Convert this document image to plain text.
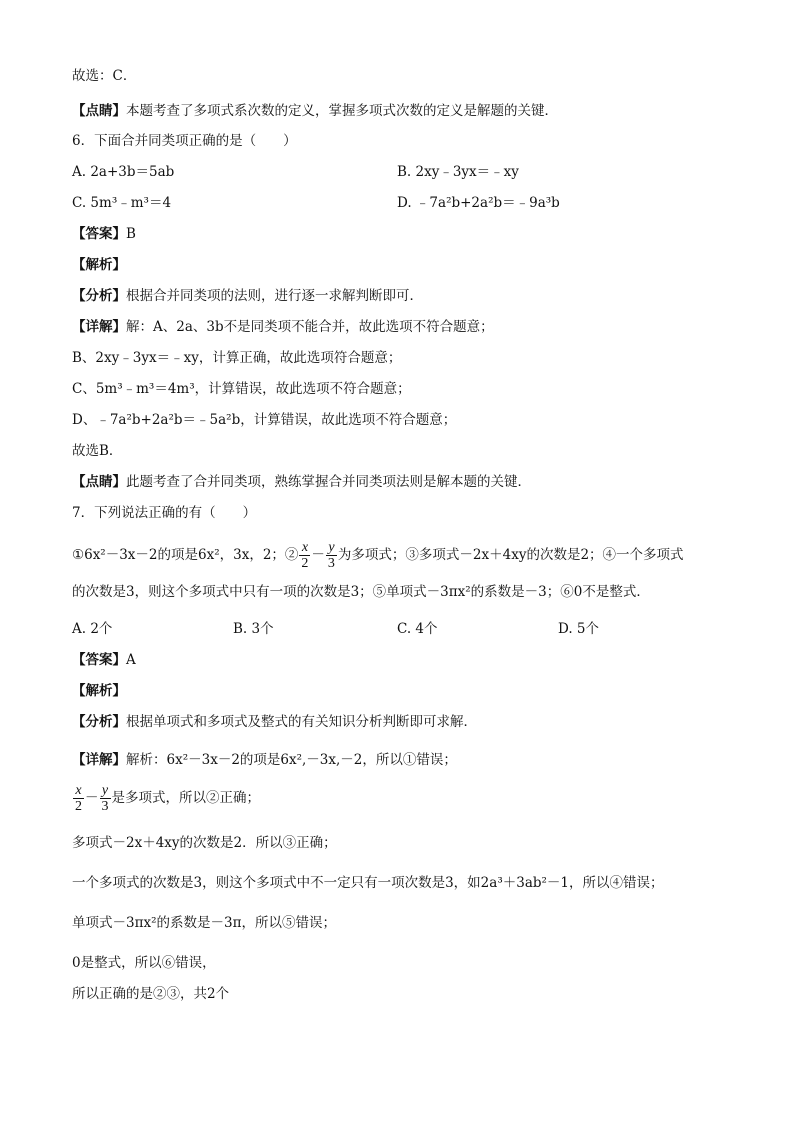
故选：C．
【点睛】本题考查了多项式系次数的定义，掌握多项式次数的定义是解题的关键．
6．下面合并同类项正确的是（　　）
A. 2a+3b＝5ab	B. 2xy﹣3yx＝﹣xy
C. 5m³﹣m³＝4	D. ﹣7a²b+2a²b＝﹣9a³b
【答案】B
【解析】
【分析】根据合并同类项的法则，进行逐一求解判断即可．
【详解】解：A、2a、3b不是同类项不能合并，故此选项不符合题意；
B、2xy﹣3yx＝﹣xy，计算正确，故此选项符合题意；
C、5m³﹣m³＝4m³，计算错误，故此选项不符合题意；
D、﹣7a²b+2a²b＝﹣5a²b，计算错误，故此选项不符合题意；
故选B．
【点睛】此题考查了合并同类项，熟练掌握合并同类项法则是解本题的关键．
7．下列说法正确的有（　　）
①6x²－3x－2的项是6x²，3x，2；② $\frac{x}{2} - \frac{y}{3}$ 为多项式；③多项式－2x＋4xy的次数是2；④一个多项式
的次数是3，则这个多项式中只有一项的次数是3；⑤单项式－3πx²的系数是－3；⑥0不是整式．
A. 2个	B. 3个	C. 4个	D. 5个
【答案】A
【解析】
【分析】根据单项式和多项式及整式的有关知识分析判断即可求解．
【详解】解析：6x²－3x－2的项是6x²,－3x,－2，所以①错误；
$\frac{x}{2} - \frac{y}{3}$ 是多项式，所以②正确；
多项式－2x＋4xy的次数是2．所以③正确；
一个多项式的次数是3，则这个多项式中不一定只有一项次数是3，如2a³＋3ab²－1，所以④错误；
单项式－3πx²的系数是－3π，所以⑤错误；
0是整式，所以⑥错误，
所以正确的是②③，共2个
